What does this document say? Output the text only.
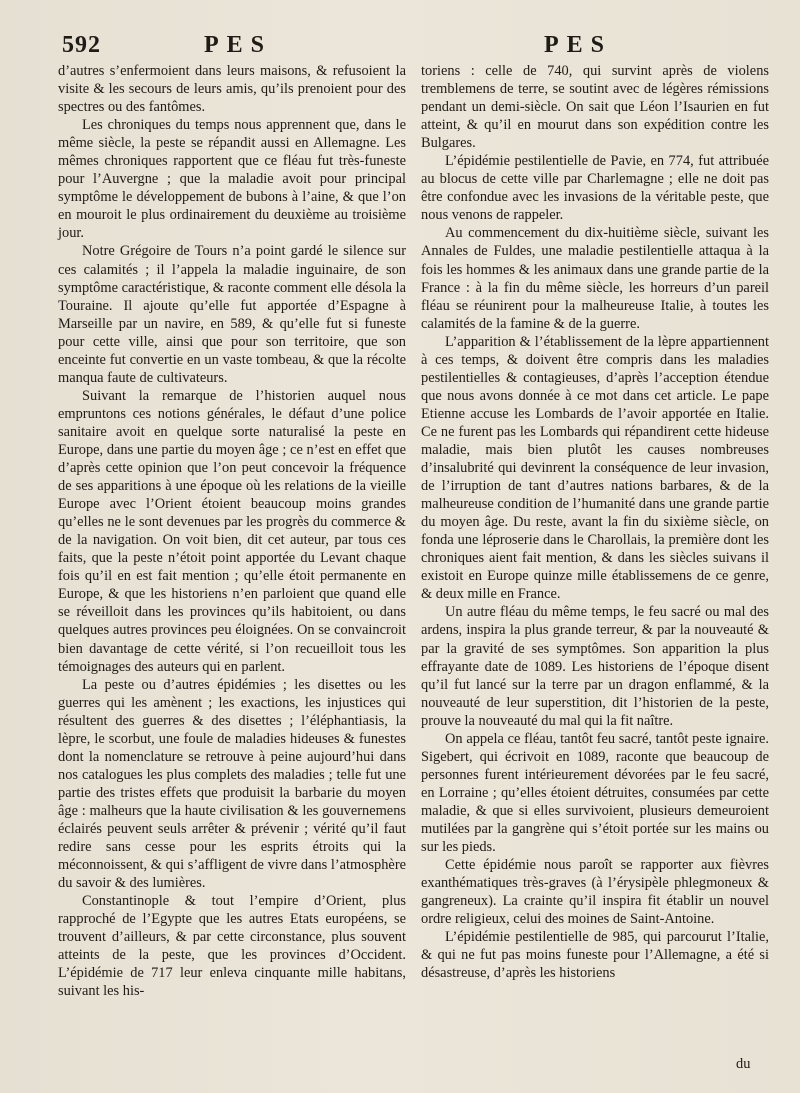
592	PES	PES

d’autres s’enfermoient dans leurs maisons, & refusoient la visite & les secours de leurs amis, qu’ils prenoient pour des spectres ou des fantômes.

Les chroniques du temps nous apprennent que, dans le même siècle, la peste se répandit aussi en Allemagne. Les mêmes chroniques rapportent que ce fléau fut très-funeste pour l’Auvergne ; que la maladie avoit pour principal symptôme le développement de bubons à l’aine, & que l’on en mouroit le plus ordinairement du deuxième au troisième jour.

Notre Grégoire de Tours n’a point gardé le silence sur ces calamités ; il l’appela la maladie inguinaire, de son symptôme caractéristique, & raconte comment elle désola la Touraine. Il ajoute qu’elle fut apportée d’Espagne à Marseille par un navire, en 589, & qu’elle fut si funeste pour cette ville, ainsi que pour son territoire, que son enceinte fut convertie en un vaste tombeau, & que la récolte manqua faute de cultivateurs.

Suivant la remarque de l’historien auquel nous empruntons ces notions générales, le défaut d’une police sanitaire avoit en quelque sorte naturalisé la peste en Europe, dans une partie du moyen âge ; ce n’est en effet que d’après cette opinion que l’on peut concevoir la fréquence de ses apparitions à une époque où les relations de la vieille Europe avec l’Orient étoient beaucoup moins grandes qu’elles ne le sont devenues par les progrès du commerce & de la navigation. On voit bien, dit cet auteur, par tous ces faits, que la peste n’étoit point apportée du Levant chaque fois qu’il en est fait mention ; qu’elle étoit permanente en Europe, & que les historiens n’en parloient que quand elle se réveilloit dans les provinces qu’ils habitoient, ou dans quelques autres provinces peu éloignées. On se convaincroit bien davantage de cette vérité, si l’on recueilloit tous les témoignages des auteurs qui en parlent.

La peste ou d’autres épidémies ; les disettes ou les guerres qui les amènent ; les exactions, les injustices qui résultent des guerres & des disettes ; l’éléphantiasis, la lèpre, le scorbut, une foule de maladies hideuses & funestes dont la nomenclature se retrouve à peine aujourd’hui dans nos catalogues les plus complets des maladies ; telle fut une partie des tristes effets que produisit la barbarie du moyen âge : malheurs que la haute civilisation & les gouvernemens éclairés peuvent seuls arrêter & prévenir ; vérité qu’il faut redire sans cesse pour les esprits étroits qui la méconnoissent, & qui s’affligent de vivre dans l’atmosphère du savoir & des lumières.

Constantinople & tout l’empire d’Orient, plus rapproché de l’Egypte que les autres Etats européens, se trouvent d’ailleurs, & par cette circonstance, plus souvent atteints de la peste, que les provinces d’Occident. L’épidémie de 717 leur enleva cinquante mille habitans, suivant les his-

toriens : celle de 740, qui survint après de violens tremblemens de terre, se soutint avec de légères rémissions pendant un demi-siècle. On sait que Léon l’Isaurien en fut atteint, & qu’il en mourut dans son expédition contre les Bulgares.

L’épidémie pestilentielle de Pavie, en 774, fut attribuée au blocus de cette ville par Charlemagne ; elle ne doit pas être confondue avec les invasions de la véritable peste, que nous venons de rappeler.

Au commencement du dix-huitième siècle, suivant les Annales de Fuldes, une maladie pestilentielle attaqua à la fois les hommes & les animaux dans une grande partie de la France : à la fin du même siècle, les horreurs d’un pareil fléau se réunirent pour la malheureuse Italie, à toutes les calamités de la famine & de la guerre.

L’apparition & l’établissement de la lèpre appartiennent à ces temps, & doivent être compris dans les maladies pestilentielles & contagieuses, d’après l’acception étendue que nous avons donnée à ce mot dans cet article. Le pape Etienne accuse les Lombards de l’avoir apportée en Italie. Ce ne furent pas les Lombards qui répandirent cette hideuse maladie, mais bien plutôt les causes nombreuses d’insalubrité qui devinrent la conséquence de leur invasion, de l’irruption de tant d’autres nations barbares, & de la malheureuse condition de l’humanité dans une grande partie du moyen âge. Du reste, avant la fin du sixième siècle, on fonda une léproserie dans le Charollais, la première dont les chroniques aient fait mention, & dans les siècles suivans il existoit en Europe quinze mille établissemens de ce genre, & deux mille en France.

Un autre fléau du même temps, le feu sacré ou mal des ardens, inspira la plus grande terreur, & par la nouveauté & par la gravité de ses symptômes. Son apparition la plus effrayante date de 1089. Les historiens de l’époque disent qu’il fut lancé sur la terre par un dragon enflammé, & la nouveauté de leur superstition, dit l’historien de la peste, prouve la nouveauté du mal qui la fit naître.

On appela ce fléau, tantôt feu sacré, tantôt peste ignaire. Sigebert, qui écrivoit en 1089, raconte que beaucoup de personnes furent intérieurement dévorées par le feu sacré, en Lorraine ; qu’elles étoient détruites, consumées par cette maladie, & que si elles survivoient, plusieurs demeuroient mutilées par la gangrène qui s’étoit portée sur les mains ou sur les pieds.

Cette épidémie nous paroît se rapporter aux fièvres exanthématiques très-graves (à l’érysipèle phlegmoneux & gangreneux). La crainte qu’il inspira fit établir un nouvel ordre religieux, celui des moines de Saint-Antoine.

L’épidémie pestilentielle de 985, qui parcourut l’Italie, & qui ne fut pas moins funeste pour l’Allemagne, a été si désastreuse, d’après les historiens

du
